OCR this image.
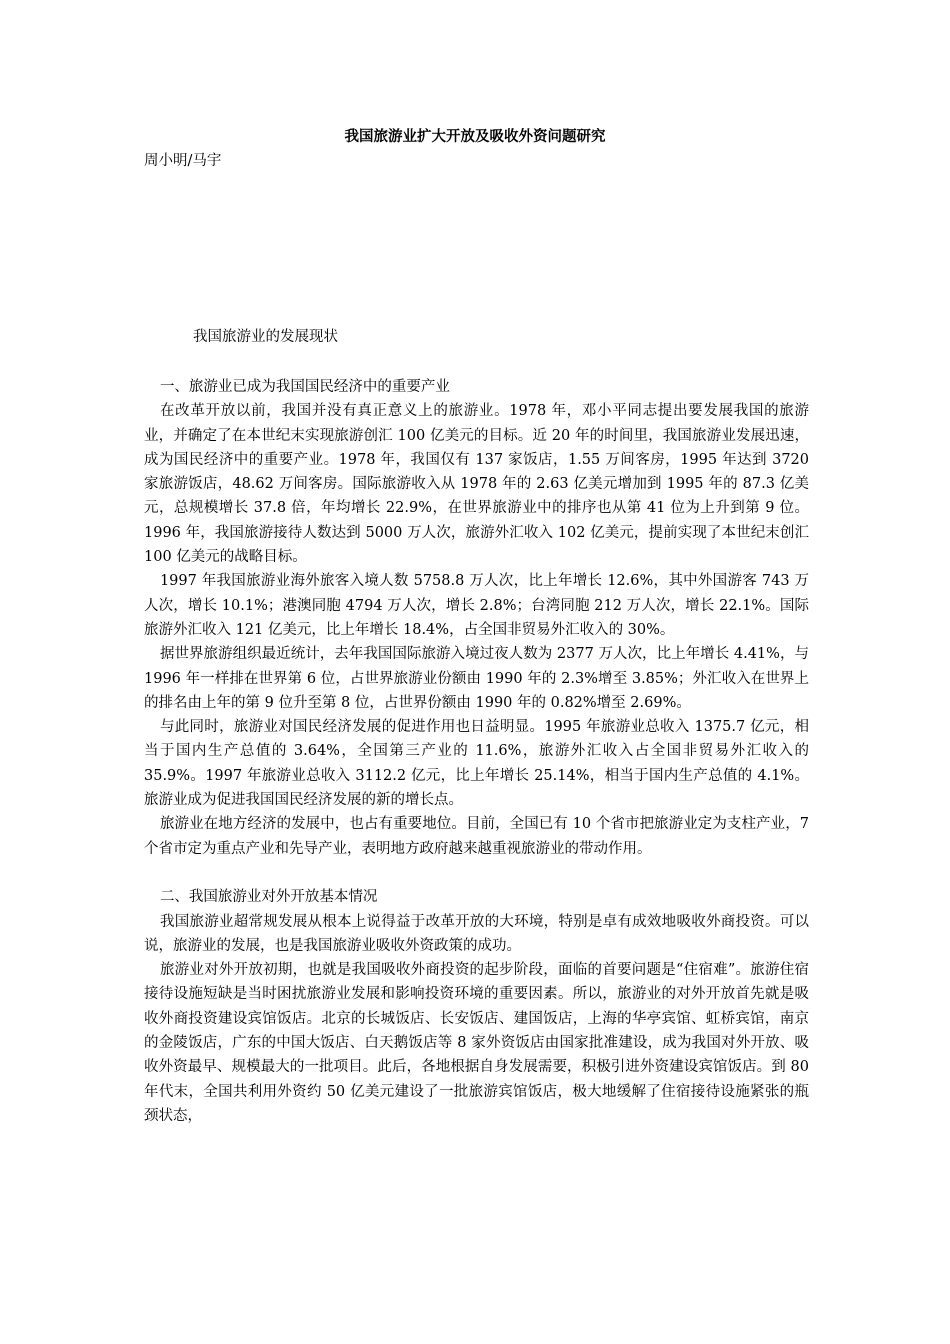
我国旅游业扩大开放及吸收外资问题研究
周小明/马宇
我国旅游业的发展现状

一、旅游业已成为我国国民经济中的重要产业

在改革开放以前，我国并没有真正意义上的旅游业。1978 年，邓小平同志提出要发展我国的旅游业，并确定了在本世纪末实现旅游创汇 100 亿美元的目标。近 20 年的时间里，我国旅游业发展迅速，成为国民经济中的重要产业。1978 年，我国仅有 137 家饭店，1.55 万间客房，1995 年达到 3720 家旅游饭店，48.62 万间客房。国际旅游收入从 1978 年的 2.63 亿美元增加到 1995 年的 87.3 亿美元，总规模增长 37.8 倍，年均增长 22.9%，在世界旅游业中的排序也从第 41 位为上升到第 9 位。1996 年，我国旅游接待人数达到 5000 万人次，旅游外汇收入 102 亿美元，提前实现了本世纪末创汇 100 亿美元的战略目标。

1997 年我国旅游业海外旅客入境人数 5758.8 万人次，比上年增长 12.6%，其中外国游客 743 万人次，增长 10.1%；港澳同胞 4794 万人次，增长 2.8%；台湾同胞 212 万人次，增长 22.1%。国际旅游外汇收入 121 亿美元，比上年增长 18.4%，占全国非贸易外汇收入的 30%。

据世界旅游组织最近统计，去年我国国际旅游入境过夜人数为 2377 万人次，比上年增长 4.41%，与 1996 年一样排在世界第 6 位，占世界旅游业份额由 1990 年的 2.3%增至 3.85%；外汇收入在世界上的排名由上年的第 9 位升至第 8 位，占世界份额由 1990 年的 0.82%增至 2.69%。

与此同时，旅游业对国民经济发展的促进作用也日益明显。1995 年旅游业总收入 1375.7 亿元，相当于国内生产总值的 3.64%，全国第三产业的 11.6%，旅游外汇收入占全国非贸易外汇收入的 35.9%。1997 年旅游业总收入 3112.2 亿元，比上年增长 25.14%，相当于国内生产总值的 4.1%。旅游业成为促进我国国民经济发展的新的增长点。

旅游业在地方经济的发展中，也占有重要地位。目前，全国已有 10 个省市把旅游业定为支柱产业，7 个省市定为重点产业和先导产业，表明地方政府越来越重视旅游业的带动作用。

二、我国旅游业对外开放基本情况

我国旅游业超常规发展从根本上说得益于改革开放的大环境，特别是卓有成效地吸收外商投资。可以说，旅游业的发展，也是我国旅游业吸收外资政策的成功。

旅游业对外开放初期，也就是我国吸收外商投资的起步阶段，面临的首要问题是“住宿难”。旅游住宿接待设施短缺是当时困扰旅游业发展和影响投资环境的重要因素。所以，旅游业的对外开放首先就是吸收外商投资建设宾馆饭店。北京的长城饭店、长安饭店、建国饭店，上海的华亭宾馆、虹桥宾馆，南京的金陵饭店，广东的中国大饭店、白天鹅饭店等 8 家外资饭店由国家批准建设，成为我国对外开放、吸收外资最早、规模最大的一批项目。此后，各地根据自身发展需要，积极引进外资建设宾馆饭店。到 80 年代末，全国共利用外资约 50 亿美元建设了一批旅游宾馆饭店，极大地缓解了住宿接待设施紧张的瓶颈状态，
